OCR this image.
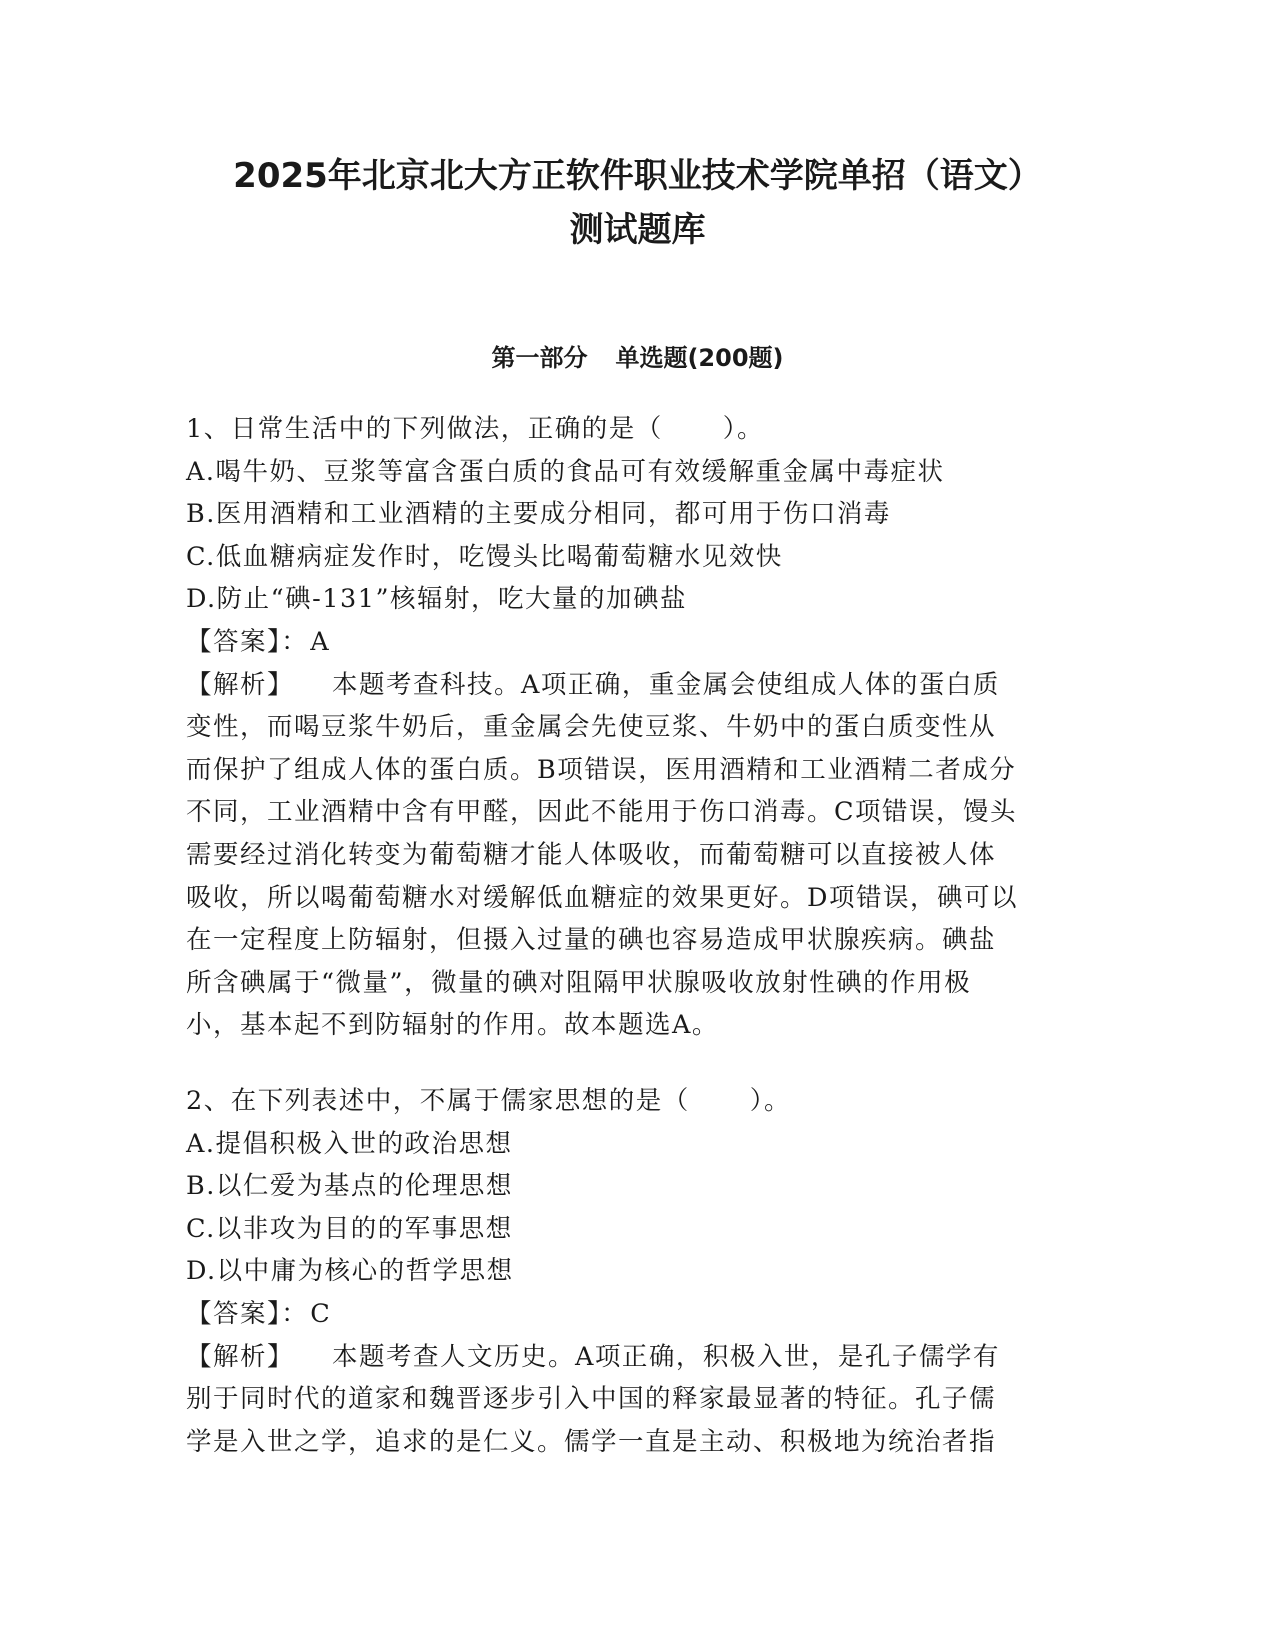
2025年北京北大方正软件职业技术学院单招（语文）
测试题库
第一部分 单选题(200题)
1、日常生活中的下列做法，正确的是（ ）。
A.喝牛奶、豆浆等富含蛋白质的食品可有效缓解重金属中毒症状
B.医用酒精和工业酒精的主要成分相同，都可用于伤口消毒
C.低血糖病症发作时，吃馒头比喝葡萄糖水见效快
D.防止“碘-131”核辐射，吃大量的加碘盐
【答案】：A
【解析】 本题考查科技。A项正确，重金属会使组成人体的蛋白质
变性，而喝豆浆牛奶后，重金属会先使豆浆、牛奶中的蛋白质变性从
而保护了组成人体的蛋白质。B项错误，医用酒精和工业酒精二者成分
不同，工业酒精中含有甲醛，因此不能用于伤口消毒。C项错误，馒头
需要经过消化转变为葡萄糖才能人体吸收，而葡萄糖可以直接被人体
吸收，所以喝葡萄糖水对缓解低血糖症的效果更好。D项错误，碘可以
在一定程度上防辐射，但摄入过量的碘也容易造成甲状腺疾病。碘盐
所含碘属于“微量”，微量的碘对阻隔甲状腺吸收放射性碘的作用极
小，基本起不到防辐射的作用。故本题选A。
2、在下列表述中，不属于儒家思想的是（ ）。
A.提倡积极入世的政治思想
B.以仁爱为基点的伦理思想
C.以非攻为目的的军事思想
D.以中庸为核心的哲学思想
【答案】：C
【解析】 本题考查人文历史。A项正确，积极入世，是孔子儒学有
别于同时代的道家和魏晋逐步引入中国的释家最显著的特征。孔子儒
学是入世之学，追求的是仁义。儒学一直是主动、积极地为统治者指
